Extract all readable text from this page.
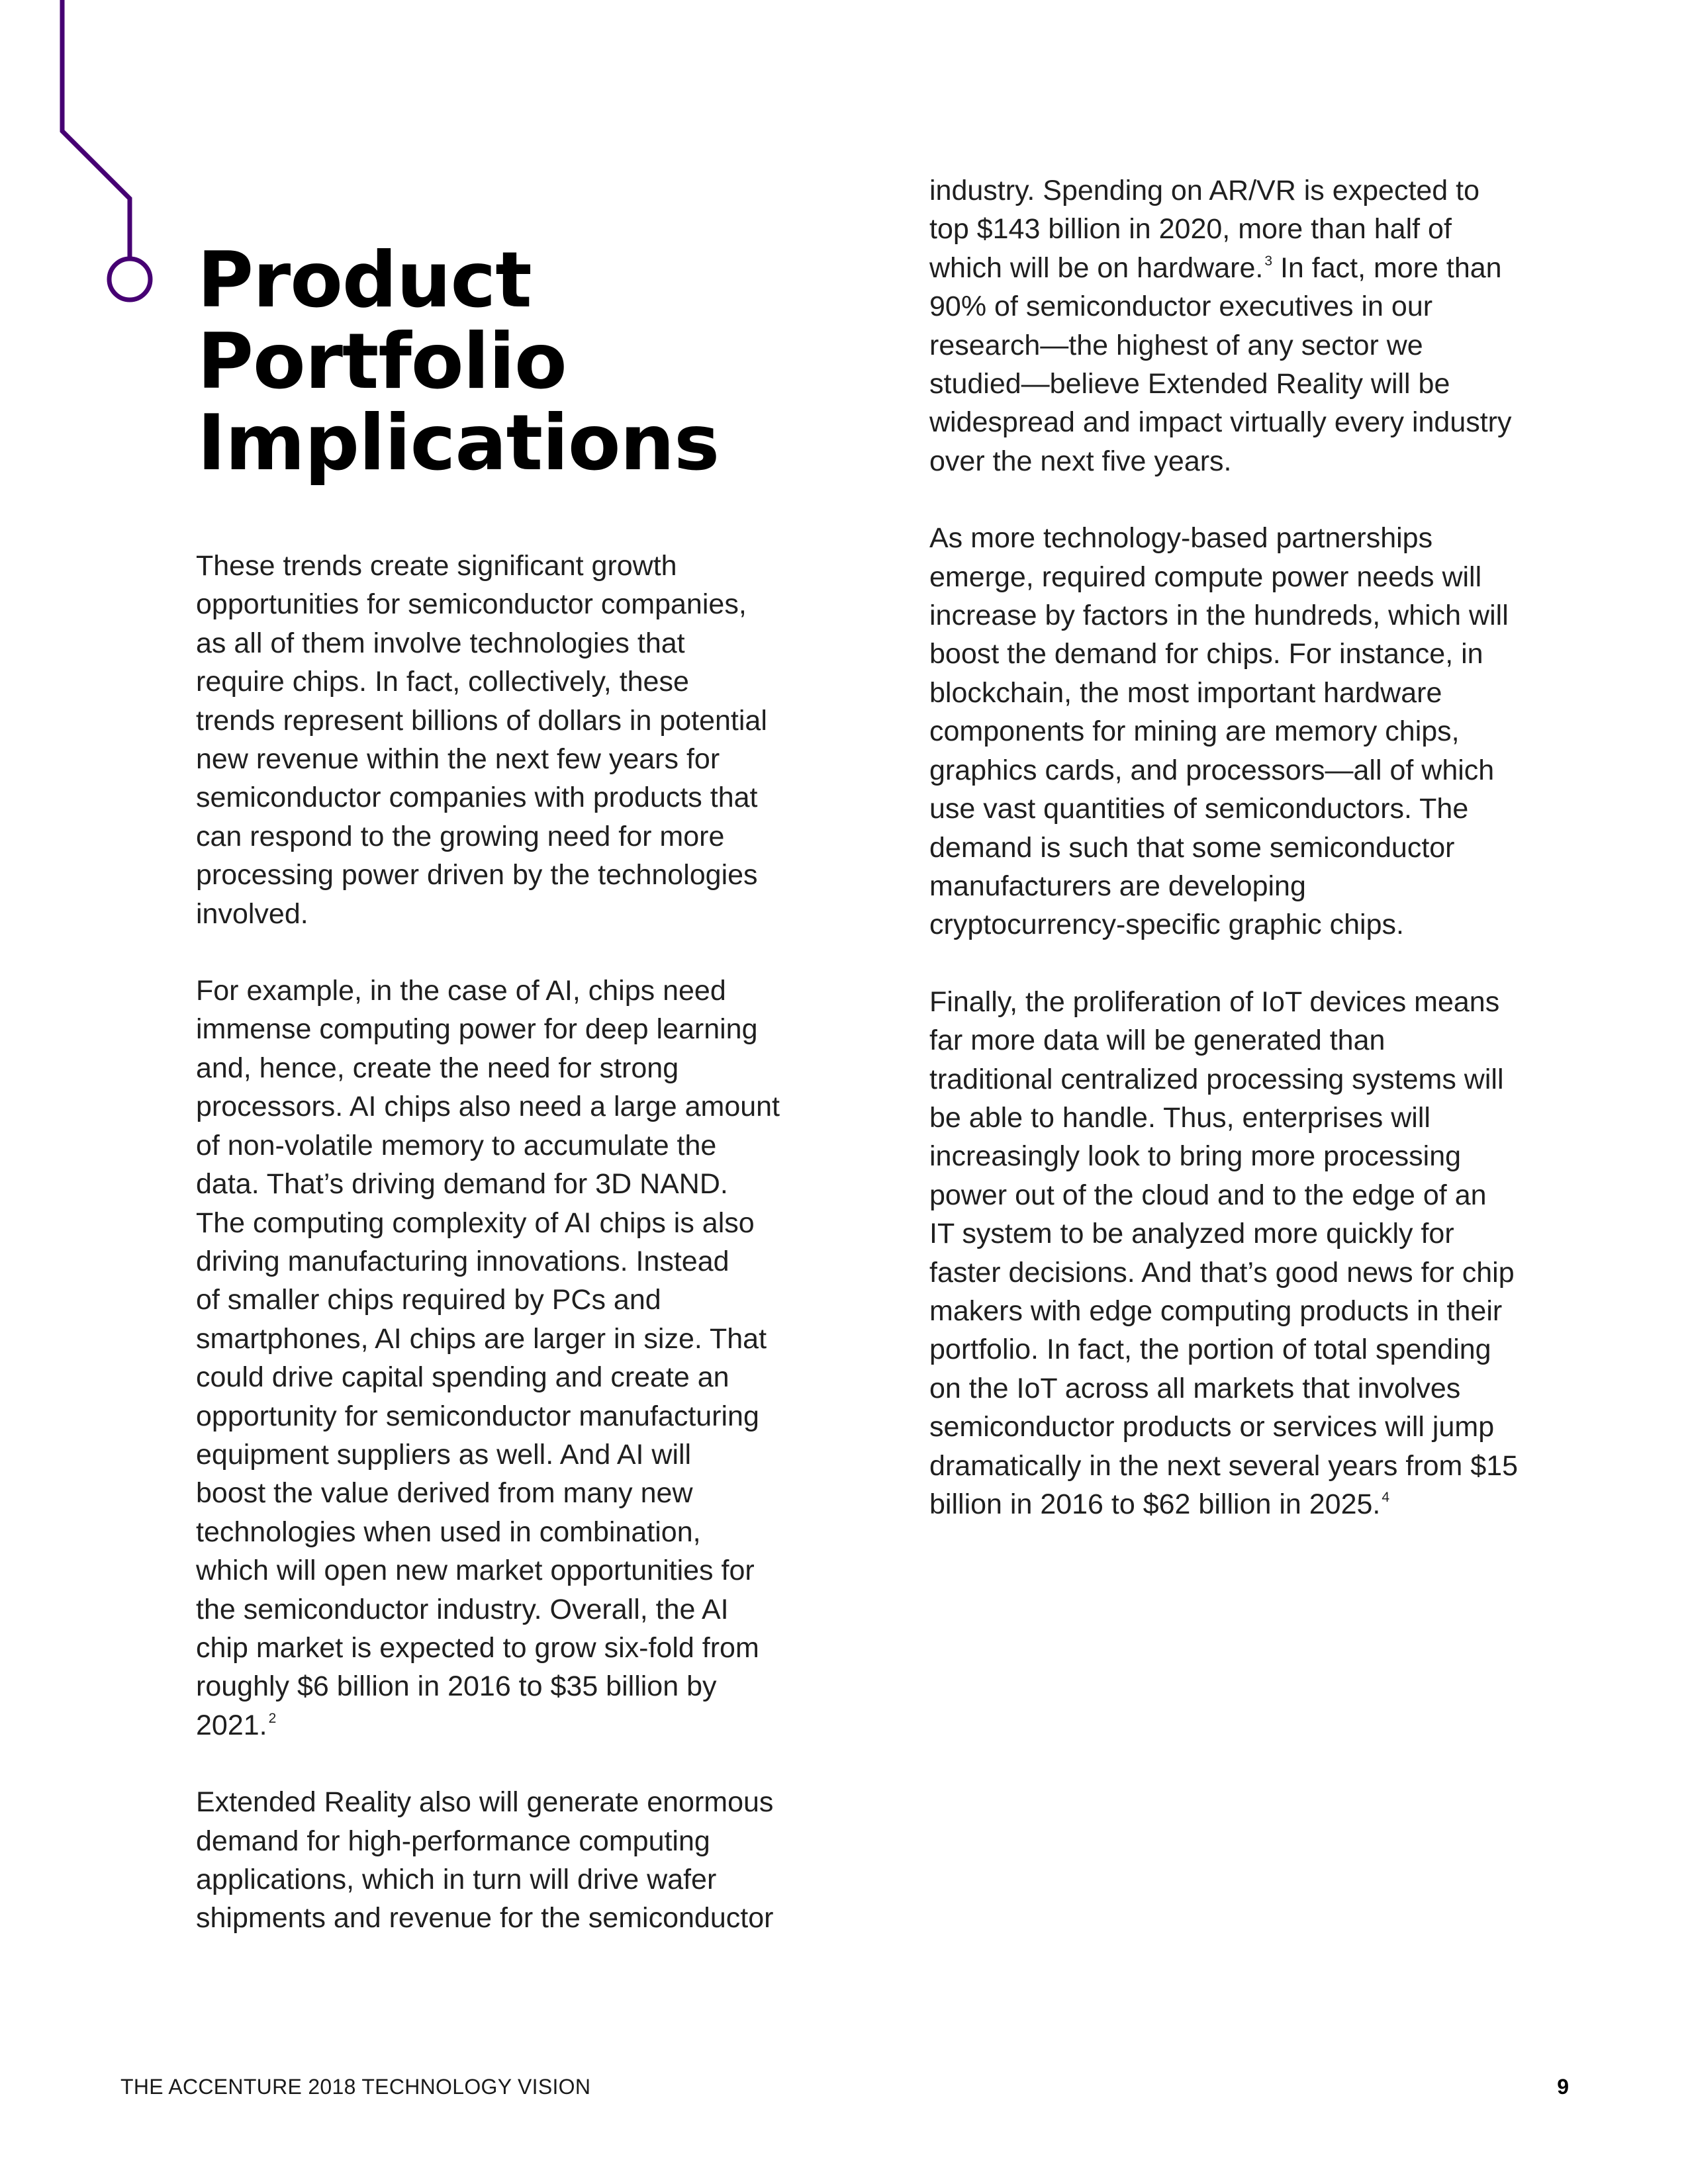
Product
Portfolio
Implications

These trends create significant growth
opportunities for semiconductor companies,
as all of them involve technologies that
require chips. In fact, collectively, these
trends represent billions of dollars in potential
new revenue within the next few years for
semiconductor companies with products that
can respond to the growing need for more
processing power driven by the technologies
involved.

For example, in the case of AI, chips need
immense computing power for deep learning
and, hence, create the need for strong
processors. AI chips also need a large amount
of non-volatile memory to accumulate the
data. That’s driving demand for 3D NAND.
The computing complexity of AI chips is also
driving manufacturing innovations. Instead
of smaller chips required by PCs and
smartphones, AI chips are larger in size. That
could drive capital spending and create an
opportunity for semiconductor manufacturing
equipment suppliers as well. And AI will
boost the value derived from many new
technologies when used in combination,
which will open new market opportunities for
the semiconductor industry. Overall, the AI
chip market is expected to grow six-fold from
roughly $6 billion in 2016 to $35 billion by
2021.$^2$

Extended Reality also will generate enormous
demand for high-performance computing
applications, which in turn will drive wafer
shipments and revenue for the semiconductor

industry. Spending on AR/VR is expected to
top $143 billion in 2020, more than half of
which will be on hardware.$^3$ In fact, more than
90% of semiconductor executives in our
research—the highest of any sector we
studied—believe Extended Reality will be
widespread and impact virtually every industry
over the next five years.

As more technology-based partnerships
emerge, required compute power needs will
increase by factors in the hundreds, which will
boost the demand for chips. For instance, in
blockchain, the most important hardware
components for mining are memory chips,
graphics cards, and processors—all of which
use vast quantities of semiconductors. The
demand is such that some semiconductor
manufacturers are developing
cryptocurrency-specific graphic chips.

Finally, the proliferation of IoT devices means
far more data will be generated than
traditional centralized processing systems will
be able to handle. Thus, enterprises will
increasingly look to bring more processing
power out of the cloud and to the edge of an
IT system to be analyzed more quickly for
faster decisions. And that’s good news for chip
makers with edge computing products in their
portfolio. In fact, the portion of total spending
on the IoT across all markets that involves
semiconductor products or services will jump
dramatically in the next several years from $15
billion in 2016 to $62 billion in 2025.$^4$

THE ACCENTURE 2018 TECHNOLOGY VISION	9
